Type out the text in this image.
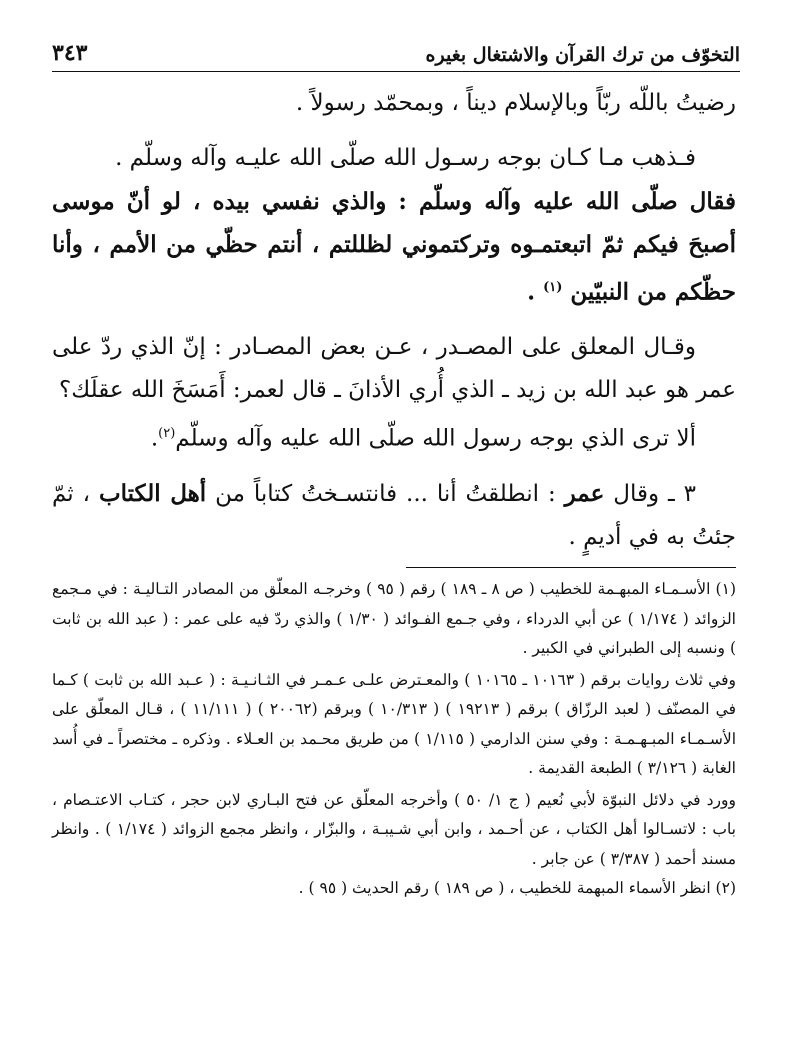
التخوّف من ترك القرآن والاشتغال بغيره
٣٤٣

رضيتُ باللّه ربّاً وبالإسلام ديناً ، وبمحمّد رسولاً .

فـذهب مـا كـان بوجه رسـول الله صلّى الله عليـه وآله وسلّم .

فقال صلّى الله عليه وآله وسلّم : والذي نفسي بيده ، لو أنّ موسى أصبحَ فيكم ثمّ اتبعتمـوه وتركتموني لظللتم ، أنتم حظّي من الأمم ، وأنا حظّكم من النبيّين $^{(١)}$ .

وقـال المعلق على المصـدر ، عـن بعض المصـادر : إنّ الذي ردّ على عمر هو عبد الله بن زيد ـ الذي أُري الأذانَ ـ قال لعمر: أَمَسَخَ الله عقلَك؟

ألا ترى الذي بوجه رسول الله صلّى الله عليه وآله وسلّم$^{(٢)}$.

٣ ـ وقال عمر : انطلقتُ أنا ... فانتسـختُ كتاباً من أهل الكتاب ، ثمّ جئتُ به في أديمٍ .

(١) الأسـمـاء المبهـمة للخطيب ( ص ٨ ـ ١٨٩ ) رقم ( ٩٥ ) وخرجـه المعلّق من المصادر التـاليـة : في مـجمع الزوائد ( ١/١٧٤ ) عن أبي الدرداء ، وفي جـمع الفـوائد ( ١/٣٠ ) والذي ردّ فيه على عمر : ( عبد الله بن ثابت ) ونسبه إلى الطبراني في الكبير .

وفي ثلاث روايات برقم ( ١٠١٦٣ ـ ١٠١٦٥ ) والمعـترض علـى عـمـر في الثـانـيـة : ( عـبد الله بن ثابت ) كـما في المصنّف ( لعبد الرزّاق ) برقم ( ١٩٢١٣ ) ( ١٠/٣١٣ ) وبرقم (٢٠٠٦٢ ) ( ١١/١١١ ) ، قـال المعلّق على الأسـمـاء المبـهـمـة : وفي سنن الدارمي ( ١/١١٥ ) من طريق محـمد بن العـلاء . وذكره ـ مختصراً ـ في أُسد الغابة ( ٣/١٢٦ ) الطبعة القديمة .

وورد في دلائل النبوّة لأبي نُعيم ( ج ١/ ٥٠ ) وأخرجه المعلّق عن فتح البـاري لابن حجر ، كتـاب الاعتـصام ، باب : لاتسـالوا أهل الكتاب ، عن أحـمد ، وابن أبي شـيبـة ، والبزّار ، وانظر مجمع الزوائد ( ١/١٧٤ ) . وانظر مسند أحمد ( ٣/٣٨٧ ) عن جابر .

(٢) انظر الأسماء المبهمة للخطيب ، ( ص ١٨٩ ) رقم الحديث ( ٩٥ ) .
